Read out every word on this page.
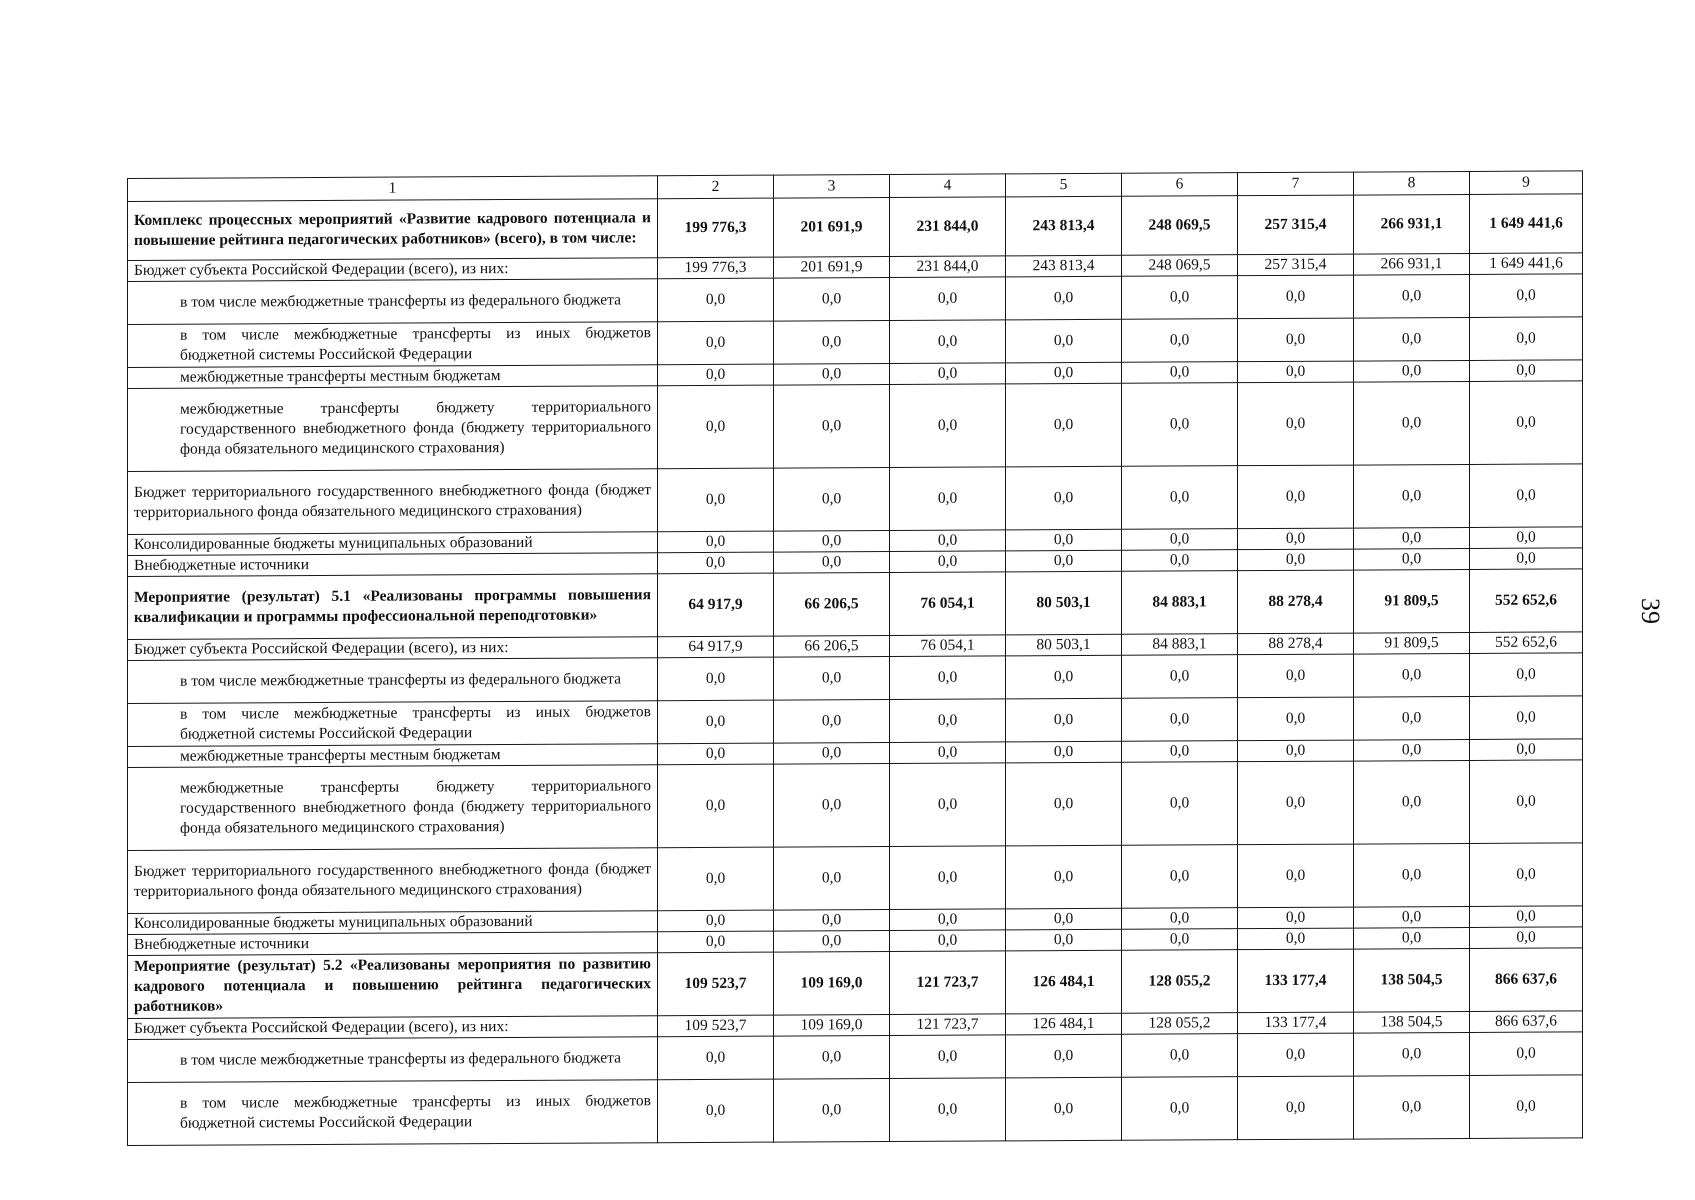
39
1	2	3	4	5	6	7	8	9
Комплекс процессных мероприятий «Развитие кадрового потенциала и повышение рейтинга педагогических работников» (всего), в том числе:	199 776,3	201 691,9	231 844,0	243 813,4	248 069,5	257 315,4	266 931,1	1 649 441,6
Бюджет субъекта Российской Федерации (всего), из них:	199 776,3	201 691,9	231 844,0	243 813,4	248 069,5	257 315,4	266 931,1	1 649 441,6
в том числе межбюджетные трансферты из федерального бюджета	0,0	0,0	0,0	0,0	0,0	0,0	0,0	0,0
в том числе межбюджетные трансферты из иных бюджетов бюджетной системы Российской Федерации	0,0	0,0	0,0	0,0	0,0	0,0	0,0	0,0
межбюджетные трансферты местным бюджетам	0,0	0,0	0,0	0,0	0,0	0,0	0,0	0,0
межбюджетные трансферты бюджету территориального государственного внебюджетного фонда (бюджету территориального фонда обязательного медицинского страхования)	0,0	0,0	0,0	0,0	0,0	0,0	0,0	0,0
Бюджет территориального государственного внебюджетного фонда (бюджет территориального фонда обязательного медицинского страхования)	0,0	0,0	0,0	0,0	0,0	0,0	0,0	0,0
Консолидированные бюджеты муниципальных образований	0,0	0,0	0,0	0,0	0,0	0,0	0,0	0,0
Внебюджетные источники	0,0	0,0	0,0	0,0	0,0	0,0	0,0	0,0
Мероприятие (результат) 5.1 «Реализованы программы повышения квалификации и программы профессиональной переподготовки»	64 917,9	66 206,5	76 054,1	80 503,1	84 883,1	88 278,4	91 809,5	552 652,6
Бюджет субъекта Российской Федерации (всего), из них:	64 917,9	66 206,5	76 054,1	80 503,1	84 883,1	88 278,4	91 809,5	552 652,6
в том числе межбюджетные трансферты из федерального бюджета	0,0	0,0	0,0	0,0	0,0	0,0	0,0	0,0
в том числе межбюджетные трансферты из иных бюджетов бюджетной системы Российской Федерации	0,0	0,0	0,0	0,0	0,0	0,0	0,0	0,0
межбюджетные трансферты местным бюджетам	0,0	0,0	0,0	0,0	0,0	0,0	0,0	0,0
межбюджетные трансферты бюджету территориального государственного внебюджетного фонда (бюджету территориального фонда обязательного медицинского страхования)	0,0	0,0	0,0	0,0	0,0	0,0	0,0	0,0
Бюджет территориального государственного внебюджетного фонда (бюджет территориального фонда обязательного медицинского страхования)	0,0	0,0	0,0	0,0	0,0	0,0	0,0	0,0
Консолидированные бюджеты муниципальных образований	0,0	0,0	0,0	0,0	0,0	0,0	0,0	0,0
Внебюджетные источники	0,0	0,0	0,0	0,0	0,0	0,0	0,0	0,0
Мероприятие (результат) 5.2 «Реализованы мероприятия по развитию кадрового потенциала и повышению рейтинга педагогических работников»	109 523,7	109 169,0	121 723,7	126 484,1	128 055,2	133 177,4	138 504,5	866 637,6
Бюджет субъекта Российской Федерации (всего), из них:	109 523,7	109 169,0	121 723,7	126 484,1	128 055,2	133 177,4	138 504,5	866 637,6
в том числе межбюджетные трансферты из федерального бюджета	0,0	0,0	0,0	0,0	0,0	0,0	0,0	0,0
в том числе межбюджетные трансферты из иных бюджетов бюджетной системы Российской Федерации	0,0	0,0	0,0	0,0	0,0	0,0	0,0	0,0
